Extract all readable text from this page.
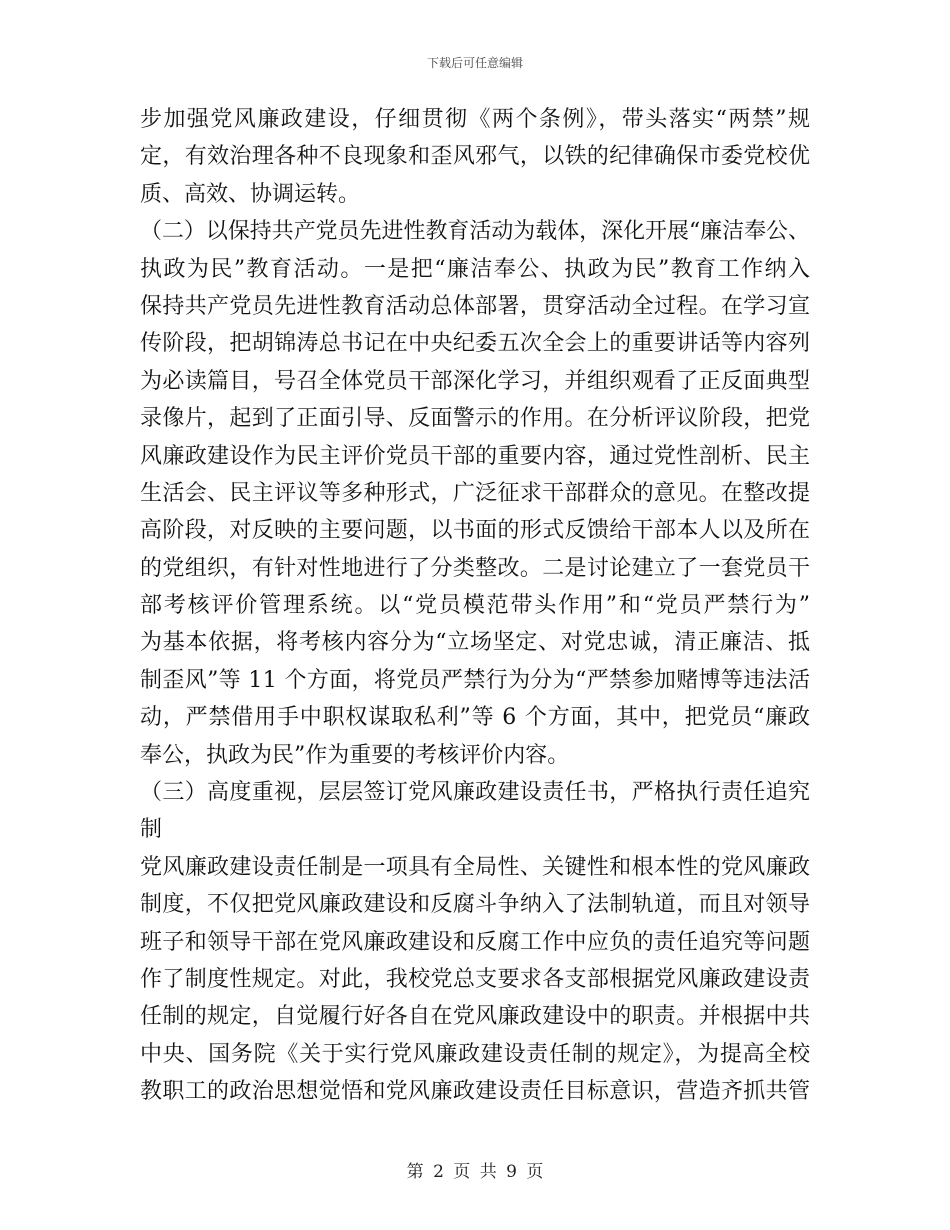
下载后可任意编辑
步加强党风廉政建设，仔细贯彻《两个条例》，带头落实“两禁”规
定，有效治理各种不良现象和歪风邪气，以铁的纪律确保市委党校优
质、高效、协调运转。
（二）以保持共产党员先进性教育活动为载体，深化开展“廉洁奉公、
执政为民”教育活动。一是把“廉洁奉公、执政为民”教育工作纳入
保持共产党员先进性教育活动总体部署，贯穿活动全过程。在学习宣
传阶段，把胡锦涛总书记在中央纪委五次全会上的重要讲话等内容列
为必读篇目，号召全体党员干部深化学习，并组织观看了正反面典型
录像片，起到了正面引导、反面警示的作用。在分析评议阶段，把党
风廉政建设作为民主评价党员干部的重要内容，通过党性剖析、民主
生活会、民主评议等多种形式，广泛征求干部群众的意见。在整改提
高阶段，对反映的主要问题，以书面的形式反馈给干部本人以及所在
的党组织，有针对性地进行了分类整改。二是讨论建立了一套党员干
部考核评价管理系统。以“党员模范带头作用”和“党员严禁行为”
为基本依据，将考核内容分为“立场坚定、对党忠诚，清正廉洁、抵
制歪风”等 11 个方面，将党员严禁行为分为“严禁参加赌博等违法活
动，严禁借用手中职权谋取私利”等 6 个方面，其中，把党员“廉政
奉公，执政为民”作为重要的考核评价内容。
（三）高度重视，层层签订党风廉政建设责任书，严格执行责任追究
制
党风廉政建设责任制是一项具有全局性、关键性和根本性的党风廉政
制度，不仅把党风廉政建设和反腐斗争纳入了法制轨道，而且对领导
班子和领导干部在党风廉政建设和反腐工作中应负的责任追究等问题
作了制度性规定。对此，我校党总支要求各支部根据党风廉政建设责
任制的规定，自觉履行好各自在党风廉政建设中的职责。并根据中共
中央、国务院《关于实行党风廉政建设责任制的规定》，为提高全校
教职工的政治思想觉悟和党风廉政建设责任目标意识，营造齐抓共管
第 2 页 共 9 页
